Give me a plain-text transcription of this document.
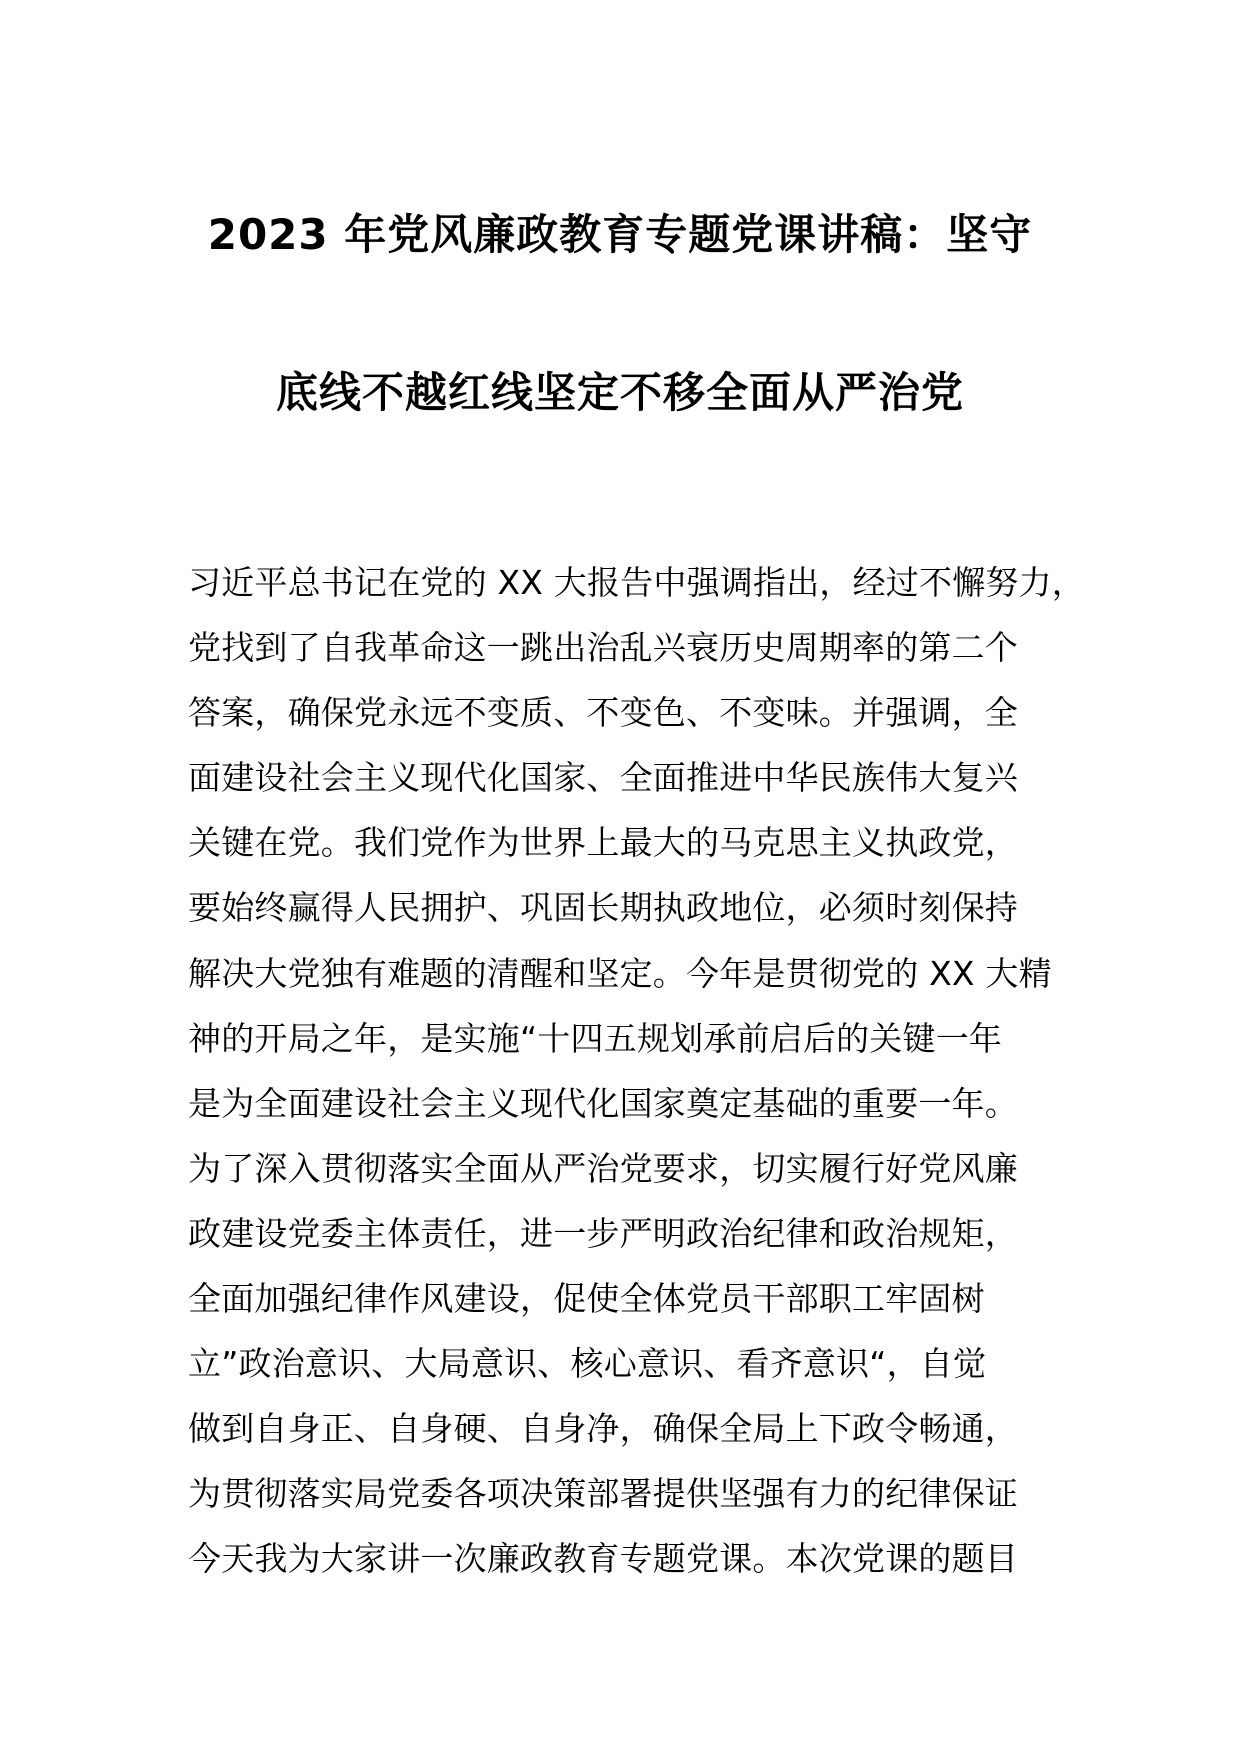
2023 年党风廉政教育专题党课讲稿：坚守
底线不越红线坚定不移全面从严治党
习近平总书记在党的 XX 大报告中强调指出，经过不懈努力，
党找到了自我革命这一跳出治乱兴衰历史周期率的第二个
答案，确保党永远不变质、不变色、不变味。并强调，全
面建设社会主义现代化国家、全面推进中华民族伟大复兴
关键在党。我们党作为世界上最大的马克思主义执政党，
要始终赢得人民拥护、巩固长期执政地位，必须时刻保持
解决大党独有难题的清醒和坚定。今年是贯彻党的 XX 大精
神的开局之年，是实施“十四五规划承前启后的关键一年
是为全面建设社会主义现代化国家奠定基础的重要一年。
为了深入贯彻落实全面从严治党要求，切实履行好党风廉
政建设党委主体责任，进一步严明政治纪律和政治规矩，
全面加强纪律作风建设，促使全体党员干部职工牢固树
立”政治意识、大局意识、核心意识、看齐意识“，自觉
做到自身正、自身硬、自身净，确保全局上下政令畅通，
为贯彻落实局党委各项决策部署提供坚强有力的纪律保证
今天我为大家讲一次廉政教育专题党课。本次党课的题目
